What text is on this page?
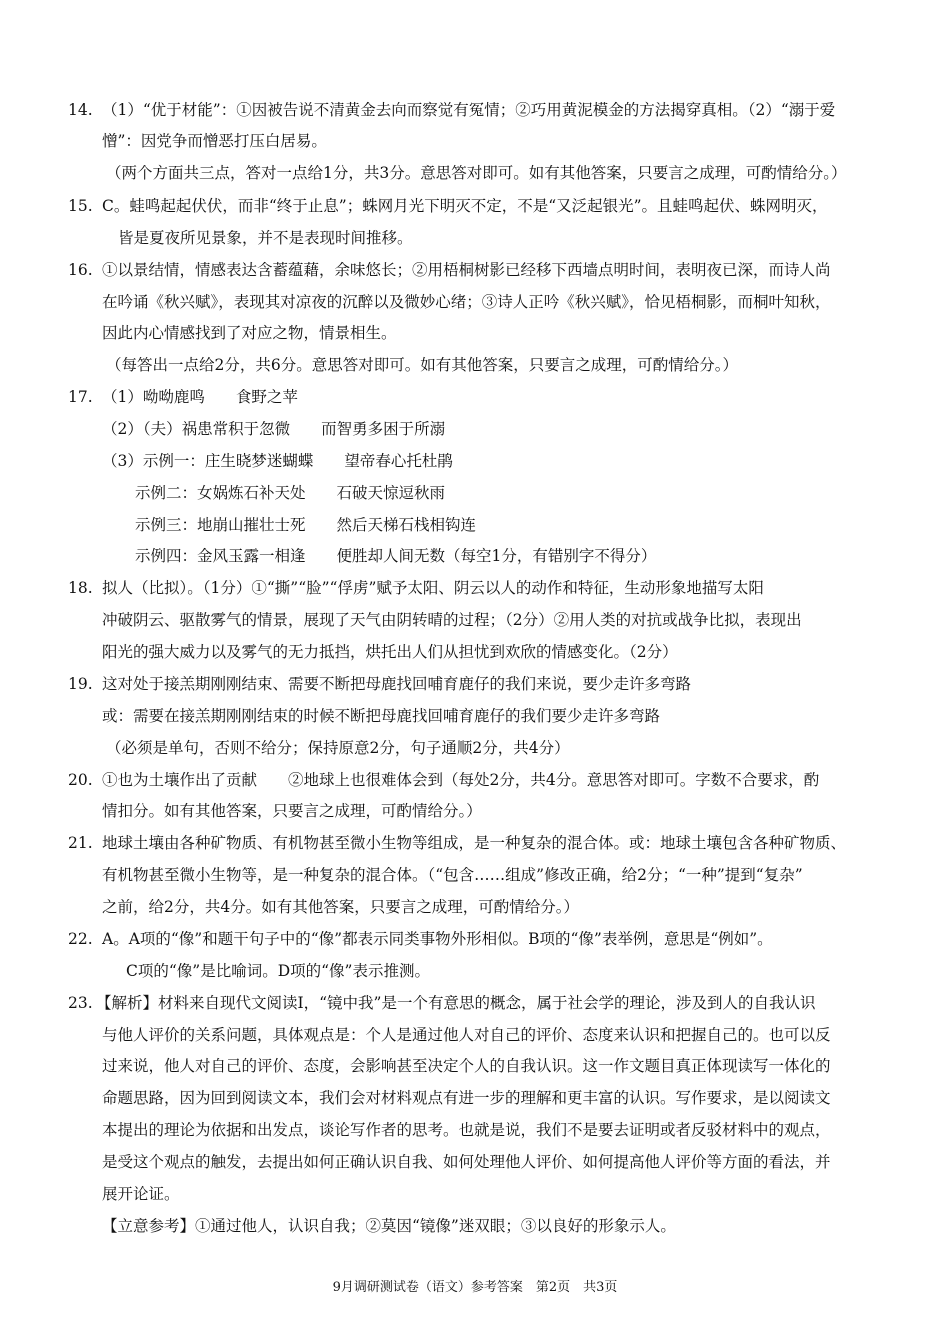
14. （1）“优于材能”：①因被告说不清黄金去向而察觉有冤情；②巧用黄泥模金的方法揭穿真相。（2）“溺于爱
憎”：因党争而憎恶打压白居易。
（两个方面共三点，答对一点给1分，共3分。意思答对即可。如有其他答案，只要言之成理，可酌情给分。）
15. C。蛙鸣起起伏伏，而非“终于止息”；蛛网月光下明灭不定，不是“又泛起银光”。且蛙鸣起伏、蛛网明灭，
皆是夏夜所见景象，并不是表现时间推移。
16. ①以景结情，情感表达含蓄蕴藉，余味悠长；②用梧桐树影已经移下西墙点明时间，表明夜已深，而诗人尚
在吟诵《秋兴赋》，表现其对凉夜的沉醉以及微妙心绪；③诗人正吟《秋兴赋》，恰见梧桐影，而桐叶知秋，
因此内心情感找到了对应之物，情景相生。
（每答出一点给2分，共6分。意思答对即可。如有其他答案，只要言之成理，可酌情给分。）
17. （1）呦呦鹿鸣　　食野之苹
（2）（夫）祸患常积于忽微　　而智勇多困于所溺
（3）示例一：庄生晓梦迷蝴蝶　　望帝春心托杜鹃
示例二：女娲炼石补天处　　石破天惊逗秋雨
示例三：地崩山摧壮士死　　然后天梯石栈相钩连
示例四：金风玉露一相逢　　便胜却人间无数（每空1分，有错别字不得分）
18. 拟人（比拟）。（1分）①“撕”“脸”“俘虏”赋予太阳、阴云以人的动作和特征，生动形象地描写太阳
冲破阴云、驱散雾气的情景，展现了天气由阴转晴的过程；（2分）②用人类的对抗或战争比拟，表现出
阳光的强大威力以及雾气的无力抵挡，烘托出人们从担忧到欢欣的情感变化。（2分）
19. 这对处于接羔期刚刚结束、需要不断把母鹿找回哺育鹿仔的我们来说，要少走许多弯路
或：需要在接羔期刚刚结束的时候不断把母鹿找回哺育鹿仔的我们要少走许多弯路
（必须是单句，否则不给分；保持原意2分，句子通顺2分，共4分）
20. ①也为土壤作出了贡献　　②地球上也很难体会到（每处2分，共4分。意思答对即可。字数不合要求，酌
情扣分。如有其他答案，只要言之成理，可酌情给分。）
21. 地球土壤由各种矿物质、有机物甚至微小生物等组成，是一种复杂的混合体。或：地球土壤包含各种矿物质、
有机物甚至微小生物等，是一种复杂的混合体。（“包含……组成”修改正确，给2分；“一种”提到“复杂”
之前，给2分，共4分。如有其他答案，只要言之成理，可酌情给分。）
22. A。A项的“像”和题干句子中的“像”都表示同类事物外形相似。B项的“像”表举例，意思是“例如”。
C项的“像”是比喻词。D项的“像”表示推测。
23. 【解析】材料来自现代文阅读Ⅰ，“镜中我”是一个有意思的概念，属于社会学的理论，涉及到人的自我认识
与他人评价的关系问题，具体观点是：个人是通过他人对自己的评价、态度来认识和把握自己的。也可以反
过来说，他人对自己的评价、态度，会影响甚至决定个人的自我认识。这一作文题目真正体现读写一体化的
命题思路，因为回到阅读文本，我们会对材料观点有进一步的理解和更丰富的认识。写作要求，是以阅读文
本提出的理论为依据和出发点，谈论写作者的思考。也就是说，我们不是要去证明或者反驳材料中的观点，
是受这个观点的触发，去提出如何正确认识自我、如何处理他人评价、如何提高他人评价等方面的看法，并
展开论证。
【立意参考】①通过他人，认识自我；②莫因“镜像”迷双眼；③以良好的形象示人。
9月调研测试卷（语文）参考答案　第2页　共3页
